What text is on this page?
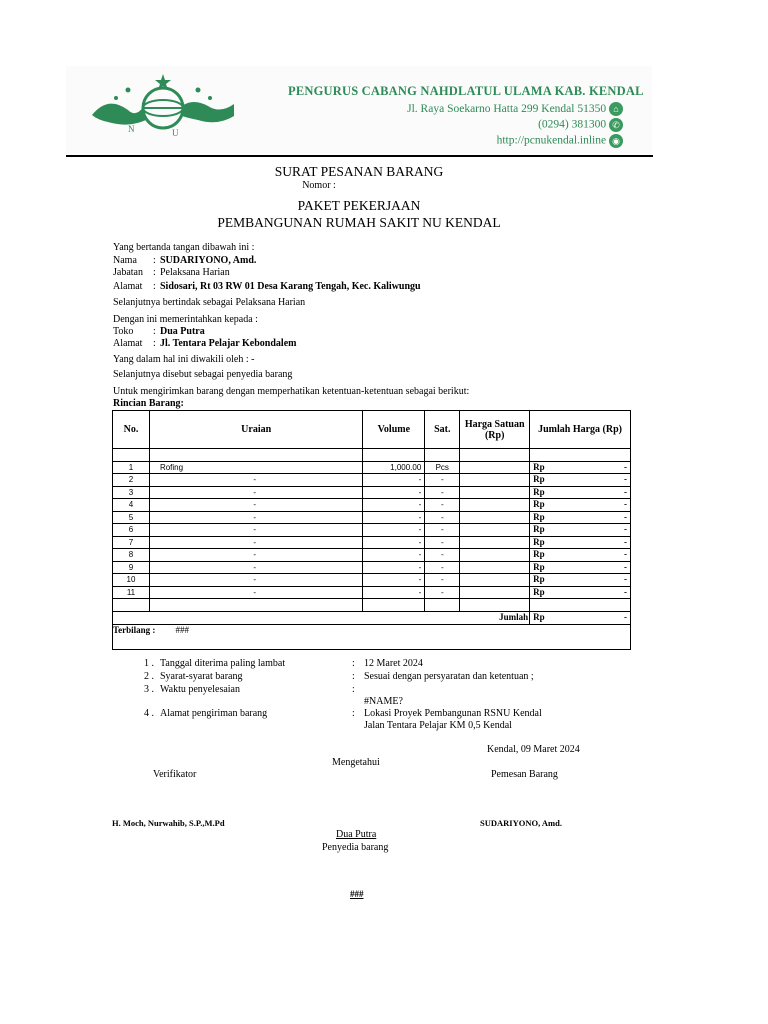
N	U
PENGURUS CABANG NAHDLATUL ULAMA KAB. KENDAL
Jl. Raya Soekarno Hatta 299 Kendal 51350 ⌂
(0294) 381300 ✆
http://pcnukendal.inline ◉
SURAT PESANAN BARANG
Nomor :
PAKET PEKERJAAN
PEMBANGUNAN RUMAH SAKIT NU KENDAL
Yang bertanda tangan dibawah ini :
Nama : SUDARIYONO, Amd.
Jabatan : Pelaksana Harian
Alamat : Sidosari, Rt 03 RW 01 Desa Karang Tengah, Kec. Kaliwungu
Selanjutnya bertindak sebagai Pelaksana Harian
Dengan ini memerintahkan kepada :
Toko : Dua Putra
Alamat : Jl. Tentara Pelajar Kebondalem
Yang dalam hal ini diwakili oleh : -
Selanjutnya disebut sebagai penyedia barang
Untuk mengirimkan barang dengan memperhatikan ketentuan-ketentuan sebagai berikut:
Rincian Barang:
No.	Uraian	Volume	Sat.	Harga Satuan (Rp)	Jumlah Harga (Rp)

1	Rofing	1,000.00	Pcs		Rp -

2	-	-	-		Rp -

3	-	-	-		Rp -

4	-	-	-		Rp -

5	-	-	-		Rp -

6	-	-	-		Rp -

7	-	-	-		Rp -

8	-	-	-		Rp -

9	-	-	-		Rp -

10	-	-	-		Rp -

11	-	-	-		Rp -

Jumlah					Rp -

Terbilang : ###					
1 . Tanggal diterima paling lambat	: 12 Maret 2024
2 . Syarat-syarat barang	: Sesuai dengan persyaratan dan ketentuan ;
3 . Waktu penyelesaian	:
#NAME?
4 . Alamat pengiriman barang	: Lokasi Proyek Pembangunan RSNU Kendal
Jalan Tentara Pelajar KM 0,5 Kendal
Kendal, 09 Maret 2024
Mengetahui
Verifikator	Pemesan Barang
H. Moch, Nurwahib, S.P.,M.Pd	SUDARIYONO, Amd.
Dua Putra
Penyedia barang
###
